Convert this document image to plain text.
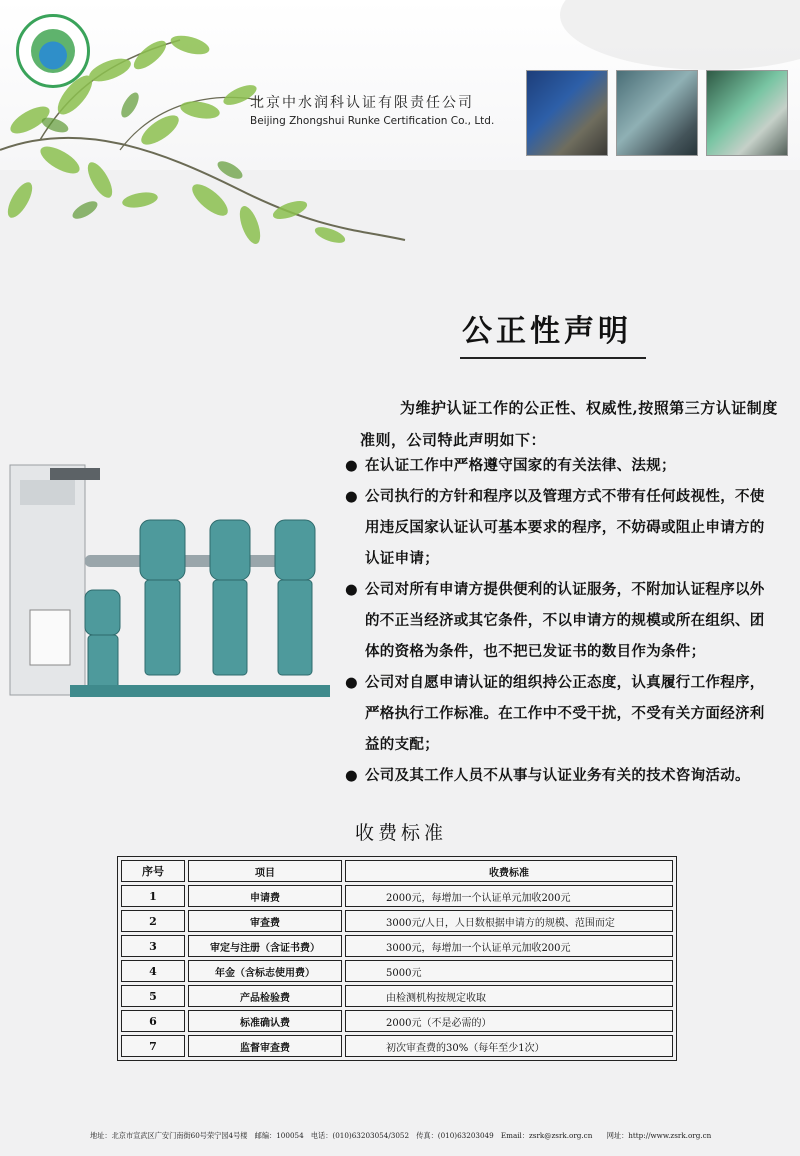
北京中水润科认证有限责任公司
Beijing Zhongshui Runke Certification Co., Ltd.
公正性声明
为维护认证工作的公正性、权威性,按照第三方认证制度准则，公司特此声明如下：
● 在认证工作中严格遵守国家的有关法律、法规；
● 公司执行的方针和程序以及管理方式不带有任何歧视性，不使用违反国家认证认可基本要求的程序，不妨碍或阻止申请方的认证申请；
● 公司对所有申请方提供便利的认证服务，不附加认证程序以外的不正当经济或其它条件，不以申请方的规模或所在组织、团体的资格为条件，也不把已发证书的数目作为条件；
● 公司对自愿申请认证的组织持公正态度，认真履行工作程序，严格执行工作标准。在工作中不受干扰，不受有关方面经济利益的支配；
● 公司及其工作人员不从事与认证业务有关的技术咨询活动。
收费标准
序号	项目	收费标准
1	申请费	2000元，每增加一个认证单元加收200元
2	审查费	3000元/人日，人日数根据申请方的规模、范围而定
3	审定与注册（含证书费）	3000元，每增加一个认证单元加收200元
4	年金（含标志使用费）	5000元
5	产品检验费	由检测机构按规定收取
6	标准确认费	2000元（不是必需的）
7	监督审查费	初次审查费的30%（每年至少1次）
地址：北京市宣武区广安门南街60号荣宁园4号楼　邮编：100054　电话：(010)63203054/3052　传真：(010)63203049　Email：zsrk@zsrk.org.cn　　网址：http://www.zsrk.org.cn
